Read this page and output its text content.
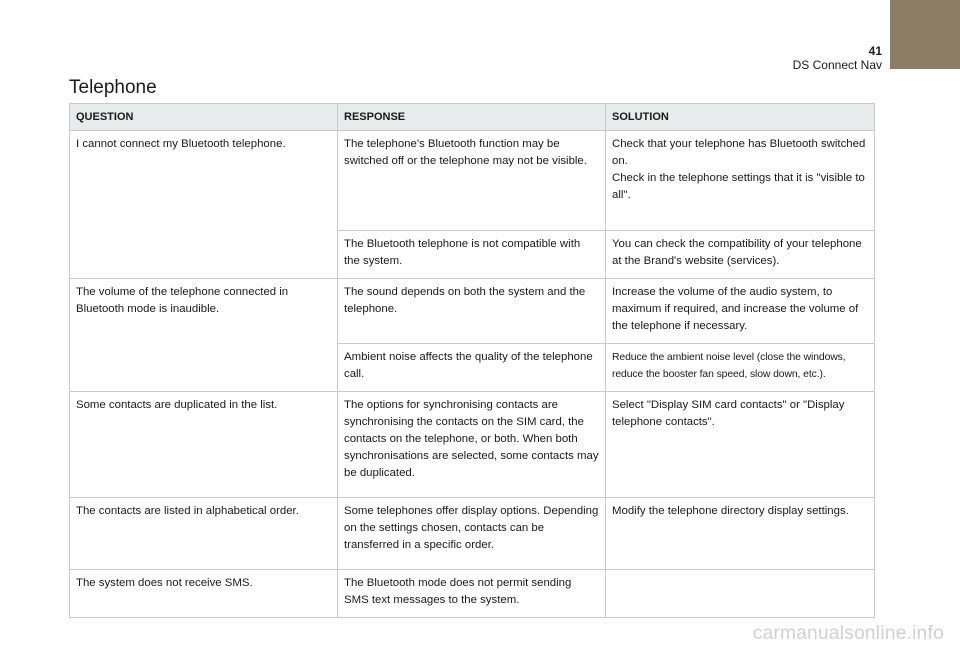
41
DS Connect Nav
Telephone
QUESTION	RESPONSE	SOLUTION
I cannot connect my Bluetooth telephone.	The telephone's Bluetooth function may be switched off or the telephone may not be visible.	Check that your telephone has Bluetooth switched on.
Check in the telephone settings that it is "visible to all".

	The Bluetooth telephone is not compatible with the system.	You can check the compatibility of your telephone at the Brand's website (services).
The volume of the telephone connected in Bluetooth mode is inaudible.	The sound depends on both the system and the telephone.	Increase the volume of the audio system, to maximum if required, and increase the volume of the telephone if necessary.
	Ambient noise affects the quality of the telephone call.	Reduce the ambient noise level (close the windows, reduce the booster fan speed, slow down, etc.).
Some contacts are duplicated in the list.	The options for synchronising contacts are synchronising the contacts on the SIM card, the contacts on the telephone, or both. When both synchronisations are selected, some contacts may be duplicated.	Select "Display SIM card contacts" or "Display telephone contacts".
The contacts are listed in alphabetical order.	Some telephones offer display options. Depending on the settings chosen, contacts can be transferred in a specific order.	Modify the telephone directory display settings.
The system does not receive SMS.	The Bluetooth mode does not permit sending SMS text messages to the system.	
carmanualsonline.info
